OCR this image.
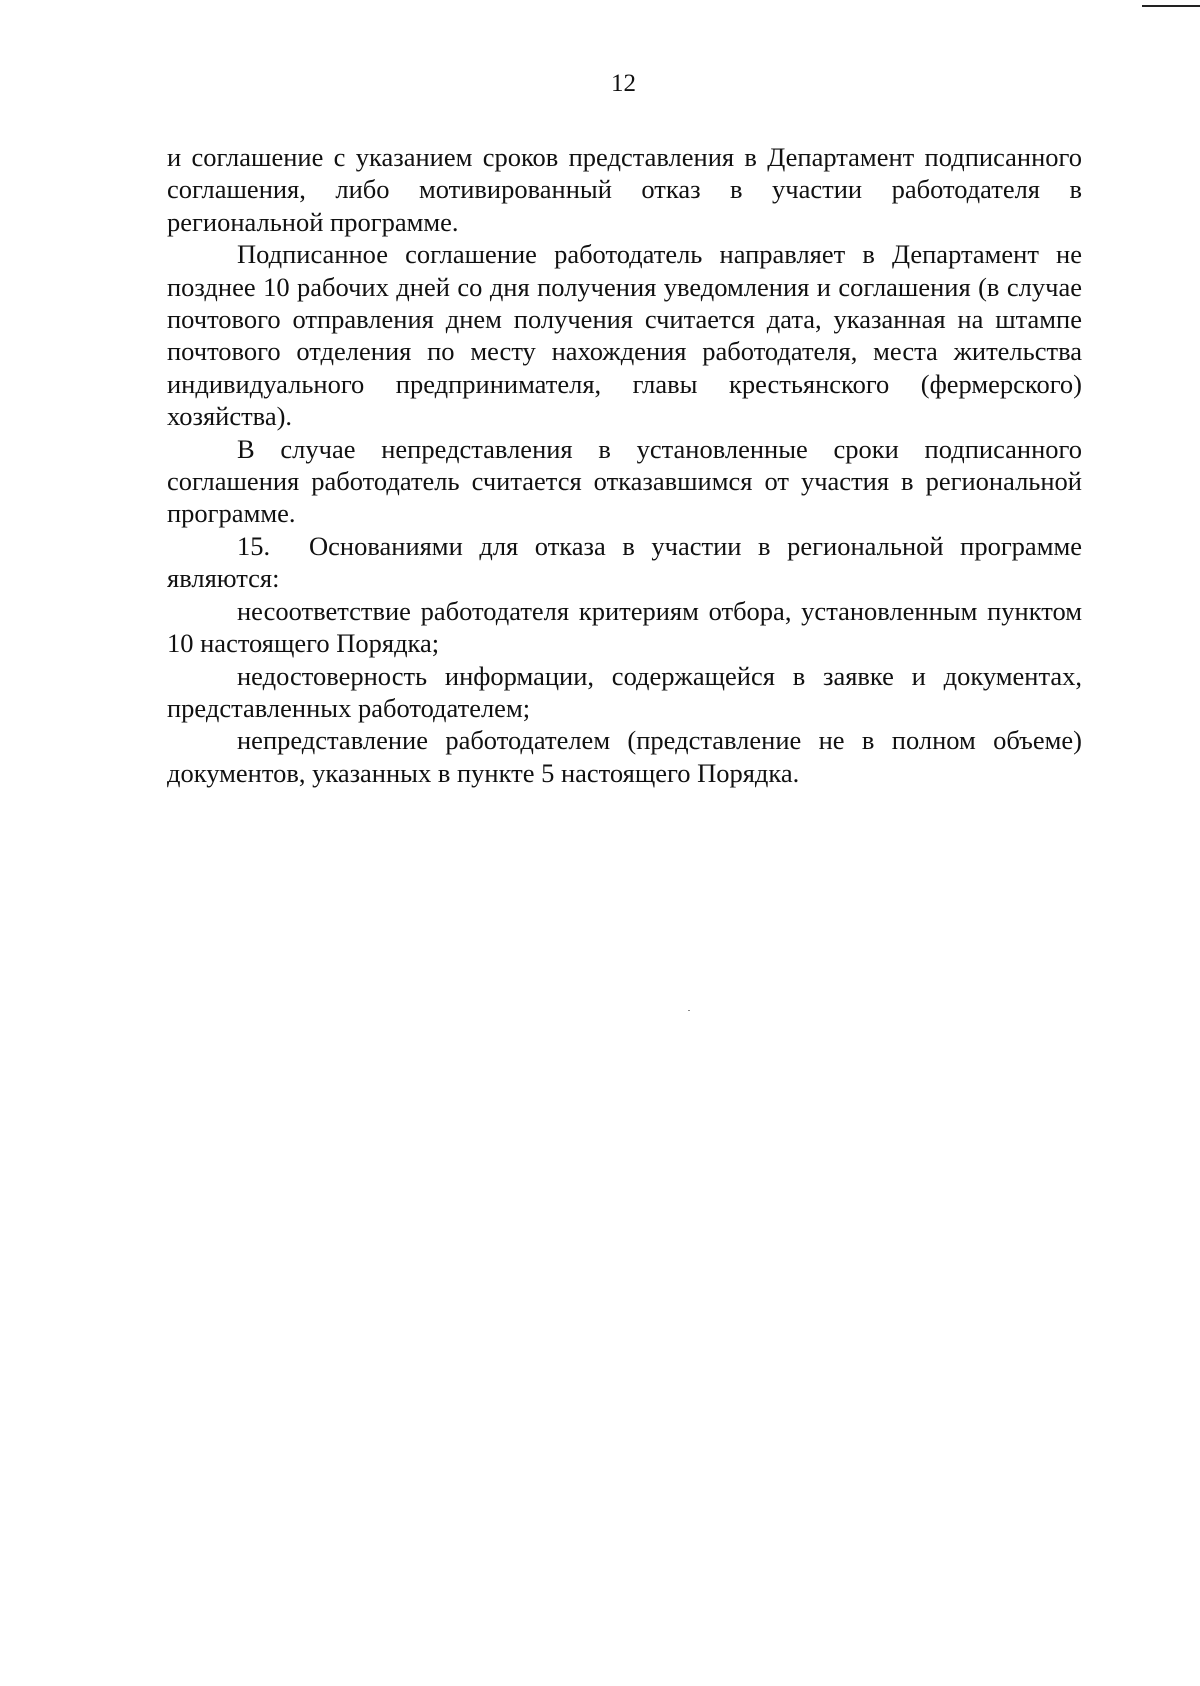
12

и соглашение с указанием сроков представления в Департамент подписанного соглашения, либо мотивированный отказ в участии работодателя в региональной программе.

Подписанное соглашение работодатель направляет в Департамент не позднее 10 рабочих дней со дня получения уведомления и соглашения (в случае почтового отправления днем получения считается дата, указанная на штампе почтового отделения по месту нахождения работодателя, места жительства индивидуального предпринимателя, главы крестьянского (фермерского) хозяйства).

В случае непредставления в установленные сроки подписанного соглашения работодатель считается отказавшимся от участия в региональной программе.

15. Основаниями для отказа в участии в региональной программе являются:

несоответствие работодателя критериям отбора, установленным пунктом 10 настоящего Порядка;

недостоверность информации, содержащейся в заявке и документах, представленных работодателем;

непредставление работодателем (представление не в полном объеме) документов, указанных в пункте 5 настоящего Порядка.
